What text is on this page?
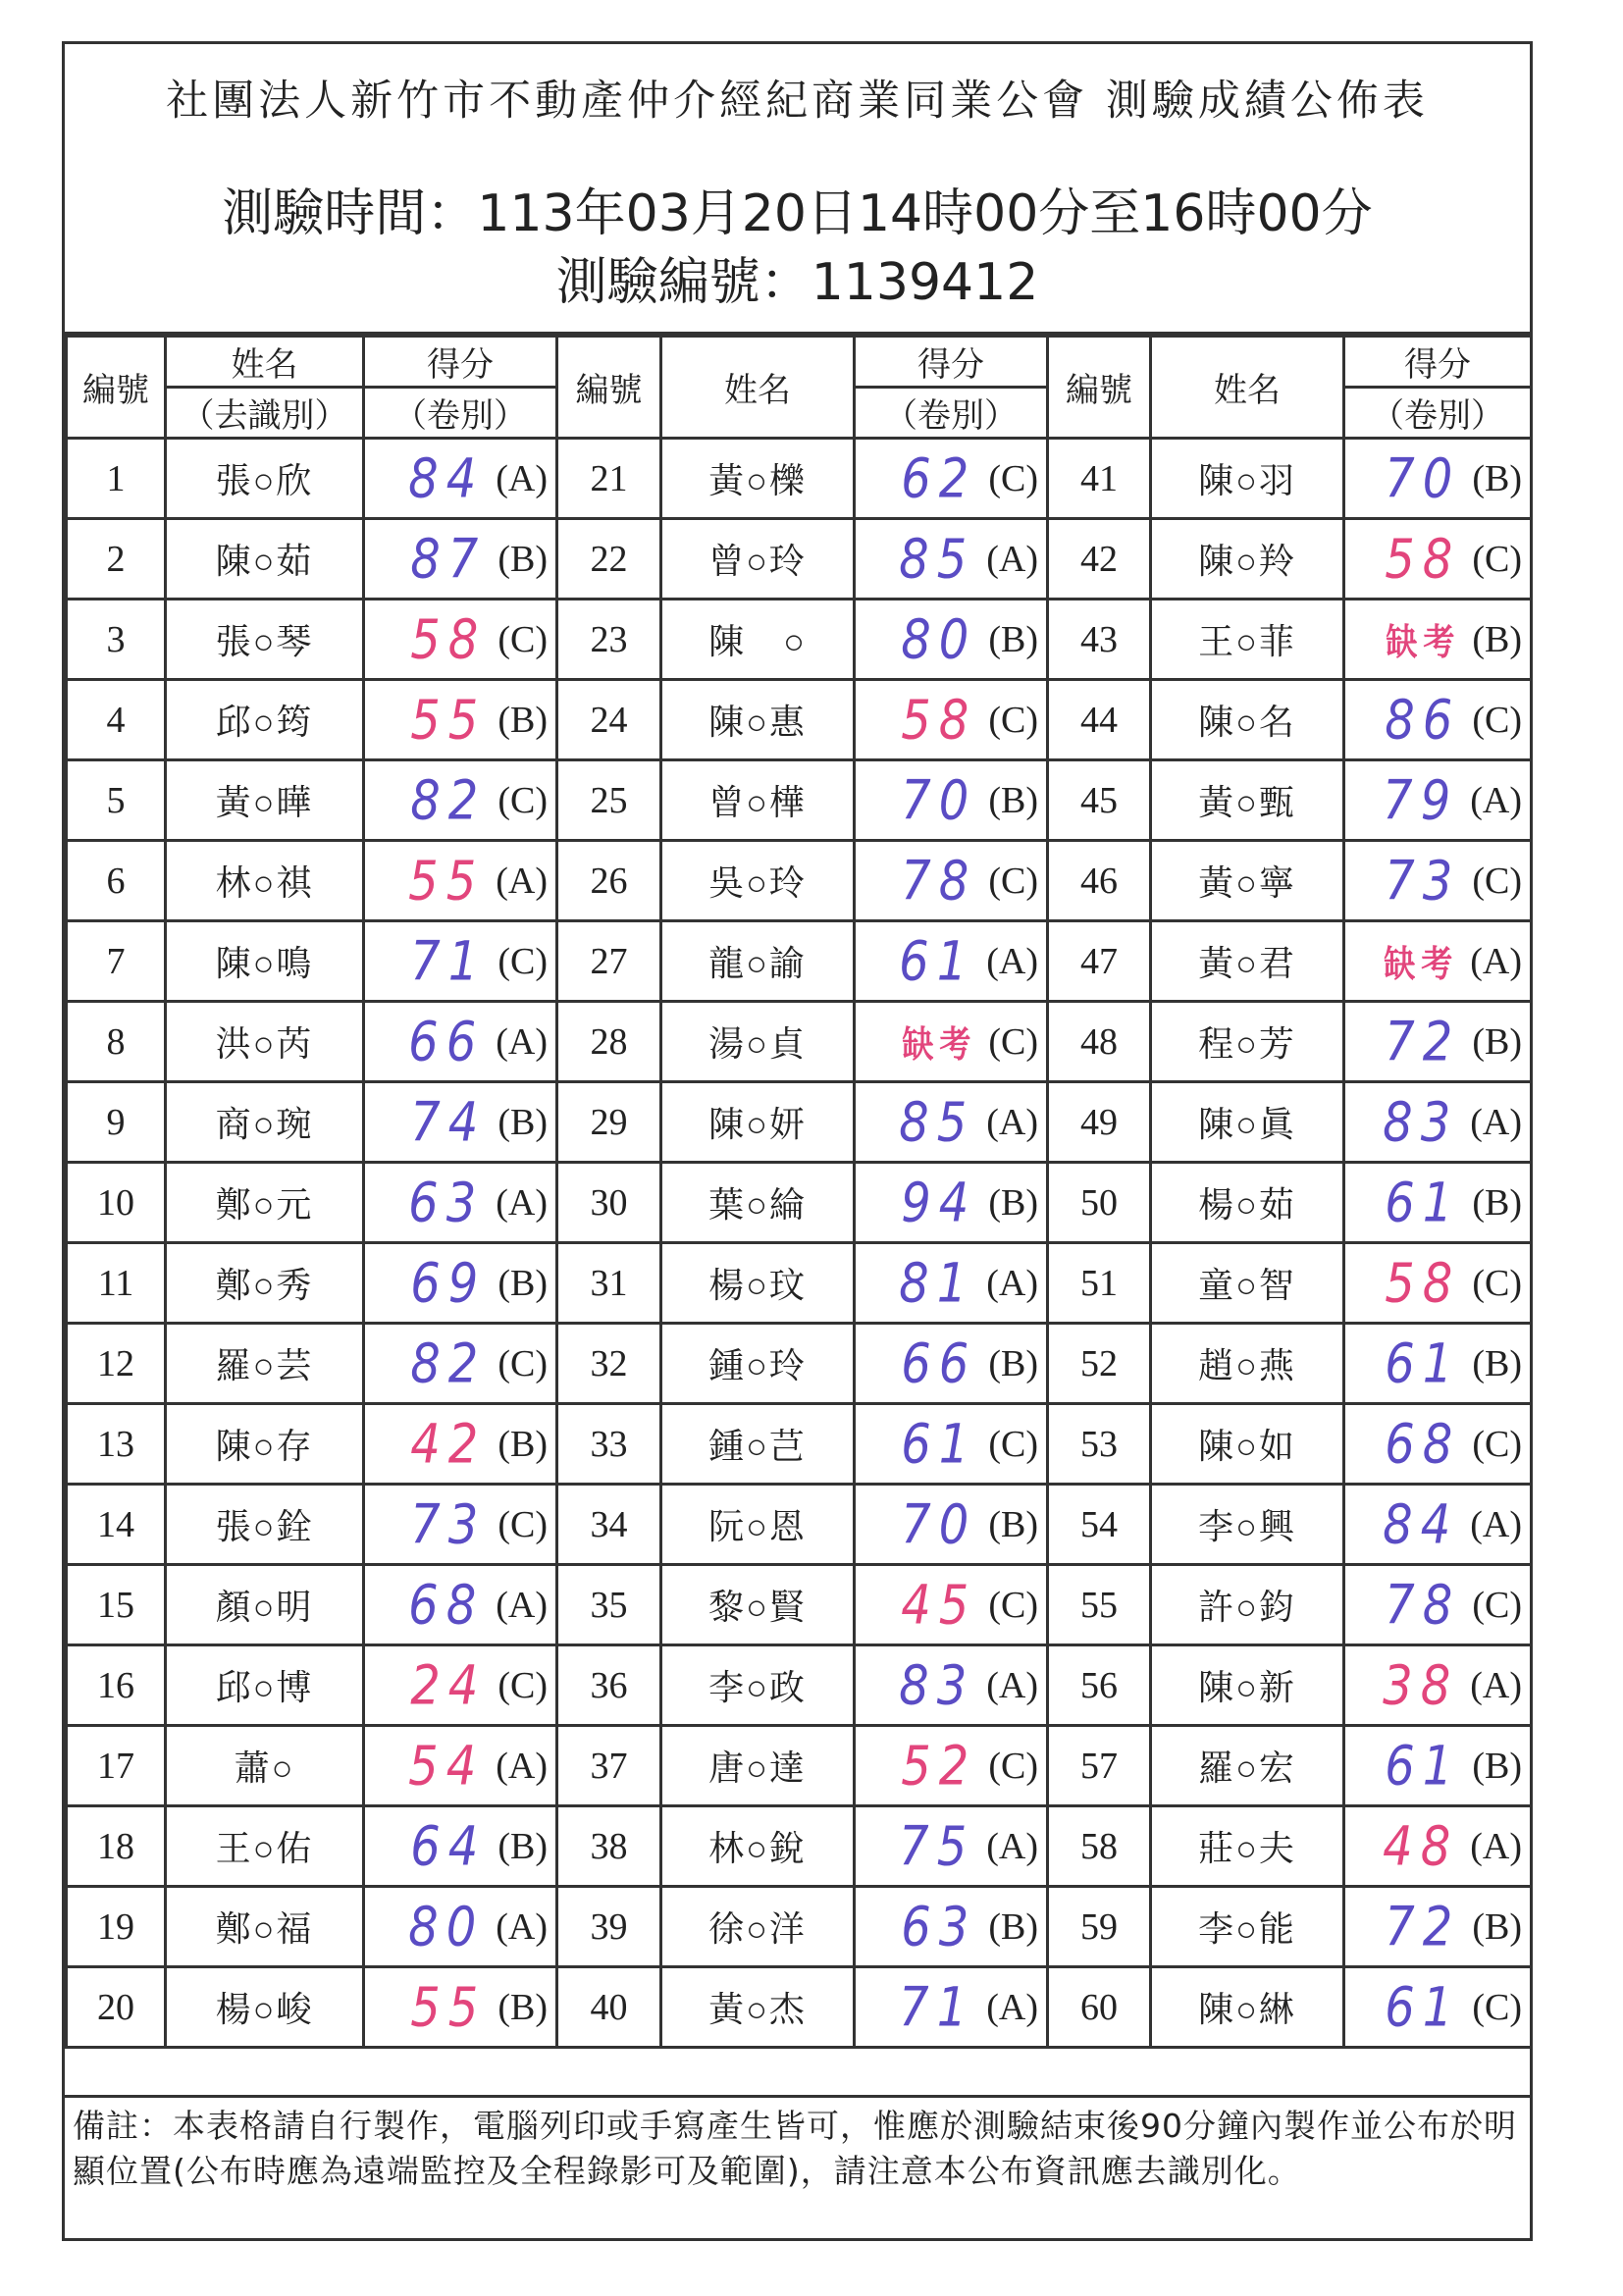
社團法人新竹市不動產仲介經紀商業同業公會 測驗成績公佈表
測驗時間：113年03月20日14時00分至16時00分
測驗編號：1139412
編號	姓名	得分	編號	姓名	得分	編號	姓名	得分
	（去識別）	（卷別）			（卷別）			（卷別）
1	張○欣	84 (A)	21	黃○櫟	62 (C)	41	陳○羽	70 (B)

2	陳○茹	87 (B)	22	曾○玲	85 (A)	42	陳○羚	58 (C)

3	張○琴	58 (C)	23	陳　○	80 (B)	43	王○菲	缺考 (B)

4	邱○筠	55 (B)	24	陳○惠	58 (C)	44	陳○名	86 (C)

5	黃○曄	82 (C)	25	曾○樺	70 (B)	45	黃○甄	79 (A)

6	林○祺	55 (A)	26	吳○玲	78 (C)	46	黃○寧	73 (C)

7	陳○鳴	71 (C)	27	龍○諭	61 (A)	47	黃○君	缺考 (A)

8	洪○芮	66 (A)	28	湯○貞	缺考 (C)	48	程○芳	72 (B)

9	商○琬	74 (B)	29	陳○妍	85 (A)	49	陳○眞	83 (A)

10	鄭○元	63 (A)	30	葉○綸	94 (B)	50	楊○茹	61 (B)

11	鄭○秀	69 (B)	31	楊○玟	81 (A)	51	童○智	58 (C)

12	羅○芸	82 (C)	32	鍾○玲	66 (B)	52	趙○燕	61 (B)

13	陳○存	42 (B)	33	鍾○芑	61 (C)	53	陳○如	68 (C)

14	張○銓	73 (C)	34	阮○恩	70 (B)	54	李○興	84 (A)

15	顏○明	68 (A)	35	黎○賢	45 (C)	55	許○鈞	78 (C)

16	邱○博	24 (C)	36	李○政	83 (A)	56	陳○新	38 (A)

17	蕭○	54 (A)	37	唐○達	52 (C)	57	羅○宏	61 (B)

18	王○佑	64 (B)	38	林○銳	75 (A)	58	莊○夫	48 (A)

19	鄭○福	80 (A)	39	徐○洋	63 (B)	59	李○能	72 (B)

20	楊○峻	55 (B)	40	黃○杰	71 (A)	60	陳○綝	61 (C)
備註：本表格請自行製作，電腦列印或手寫產生皆可，惟應於測驗結束後90分鐘內製作並公布於明顯位置(公布時應為遠端監控及全程錄影可及範圍)，請注意本公布資訊應去識別化。
